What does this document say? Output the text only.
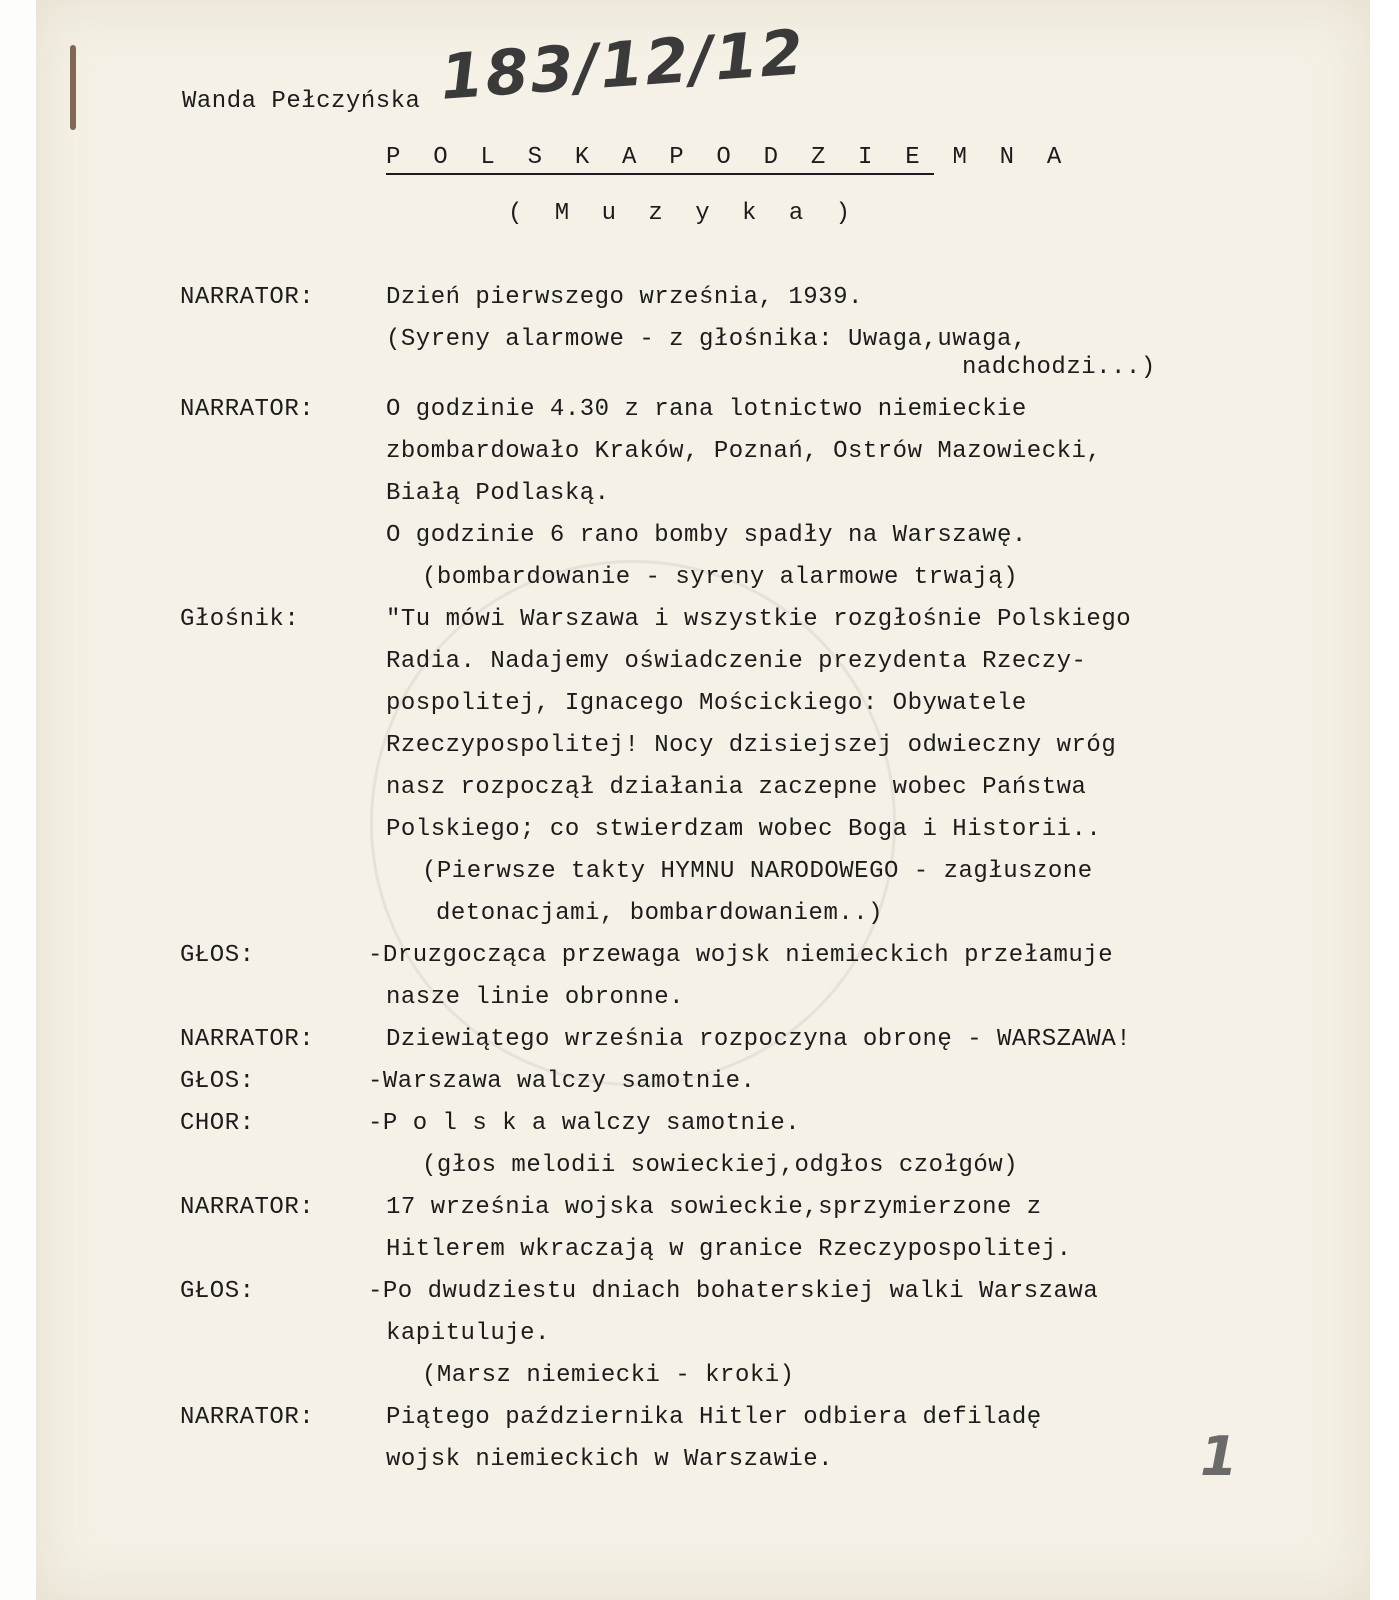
183/12/12
Wanda Pełczyńska
P O L S K A P O D Z I E M N A
( M u z y k a )
NARRATOR:	Dzień pierwszego września, 1939.
(Syreny alarmowe - z głośnika: Uwaga,uwaga,
nadchodzi...)
NARRATOR:	O godzinie 4.30 z rana lotnictwo niemieckie
zbombardowało Kraków, Poznań, Ostrów Mazowiecki,
Białą Podlaską.
O godzinie 6 rano bomby spadły na Warszawę.
(bombardowanie - syreny alarmowe trwają)
Głośnik:	"Tu mówi Warszawa i wszystkie rozgłośnie Polskiego
Radia. Nadajemy oświadczenie prezydenta Rzeczy-
pospolitej, Ignacego Mościckiego: Obywatele
Rzeczypospolitej! Nocy dzisiejszej odwieczny wróg
nasz rozpoczął działania zaczepne wobec Państwa
Polskiego; co stwierdzam wobec Boga i Historii..
(Pierwsze takty HYMNU NARODOWEGO - zagłuszone
detonacjami, bombardowaniem..)
GŁOS:	-Druzgocząca przewaga wojsk niemieckich przełamuje
nasze linie obronne.
NARRATOR:	Dziewiątego września rozpoczyna obronę - WARSZAWA!
GŁOS:	-Warszawa walczy samotnie.
CHOR:	-P o l s k a walczy samotnie.
(głos melodii sowieckiej,odgłos czołgów)
NARRATOR:	17 września wojska sowieckie,sprzymierzone z
Hitlerem wkraczają w granice Rzeczypospolitej.
GŁOS:	-Po dwudziestu dniach bohaterskiej walki Warszawa
kapituluje.
(Marsz niemiecki - kroki)
NARRATOR:	Piątego października Hitler odbiera defiladę
wojsk niemieckich w Warszawie.	1
